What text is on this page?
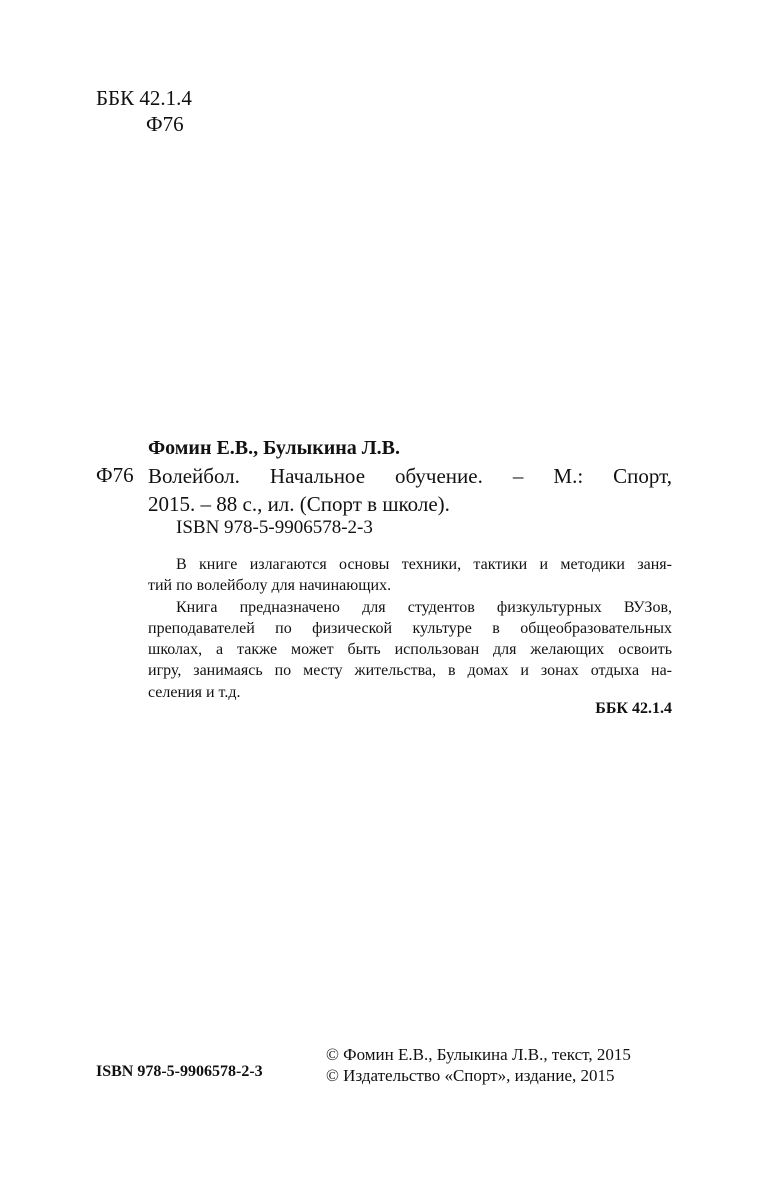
ББК 42.1.4
Ф76
Фомин Е.В., Булыкина Л.В.
Ф76 Волейбол. Начальное обучение. – М.: Спорт,
2015. – 88 с., ил. (Спорт в школе).
ISBN 978-5-9906578-2-3
В книге излагаются основы техники, тактики и методики заня-
тий по волейболу для начинающих.
Книга предназначено для студентов физкультурных ВУЗов,
преподавателей по физической культуре в общеобразовательных
школах, а также может быть использован для желающих освоить
игру, занимаясь по месту жительства, в домах и зонах отдыха на-
селения и т.д.
ББК 42.1.4
ISBN 978-5-9906578-2-3
© Фомин Е.В., Булыкина Л.В., текст, 2015
© Издательство «Спорт», издание, 2015
